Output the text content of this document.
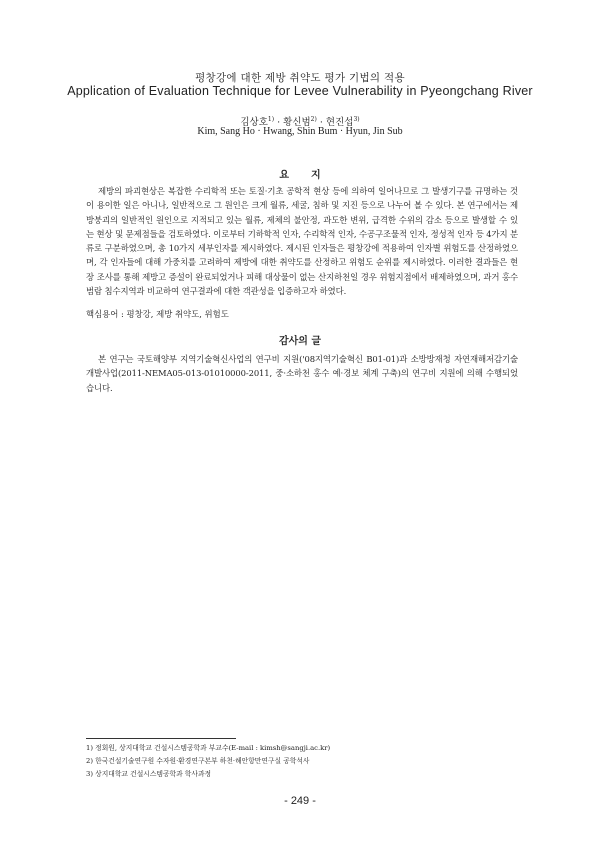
평창강에 대한 제방 취약도 평가 기법의 적용
Application of Evaluation Technique for Levee Vulnerability in Pyeongchang River
김상호$^{1)}$ · 황신범$^{2)}$ · 현진섭$^{3)}$
Kim, Sang Ho · Hwang, Shin Bum · Hyun, Jin Sub
요지
제방의 파괴현상은 복잡한 수리학적 또는 토질·기초 공학적 현상 등에 의하여 일어나므로 그 발생기구를 규명하는 것이 용이한 일은 아니나, 일반적으로 그 원인은 크게 월류, 세굴, 침하 및 지진 등으로 나누어 볼 수 있다. 본 연구에서는 제방붕괴의 일반적인 원인으로 지적되고 있는 월류, 제체의 불안정, 과도한 변위, 급격한 수위의 감소 등으로 발생할 수 있는 현상 및 문제점들을 검토하였다. 이로부터 기하학적 인자, 수리학적 인자, 수공구조물적 인자, 정성적 인자 등 4가지 분류로 구분하였으며, 총 10가지 세부인자를 제시하였다. 제시된 인자들은 평창강에 적용하여 인자별 위험도를 산정하였으며, 각 인자들에 대해 가중치를 고려하여 제방에 대한 취약도를 산정하고 위험도 순위를 제시하였다. 이러한 결과들은 현장 조사를 통해 제방고 증설이 완료되었거나 피해 대상물이 없는 산지하천일 경우 위험지점에서 배제하였으며, 과거 홍수범람 침수지역과 비교하여 연구결과에 대한 객관성을 입증하고자 하였다.
핵심용어 : 평창강, 제방 취약도, 위험도
감사의 글
본 연구는 국토해양부 지역기술혁신사업의 연구비 지원('08지역기술혁신 B01-01)과 소방방재청 자연재해저감기술개발사업(2011-NEMA05-013-01010000-2011, 중·소하천 홍수 예·경보 체계 구축)의 연구비 지원에 의해 수행되었습니다.
1) 정회원, 상지대학교 건설시스템공학과 부교수(E-mail : kimsh@sangji.ac.kr)
2) 한국건설기술연구원 수자원·환경연구본부 하천·해안항만연구실 공학석사
3) 상지대학교 건설시스템공학과 학사과정
- 249 -
